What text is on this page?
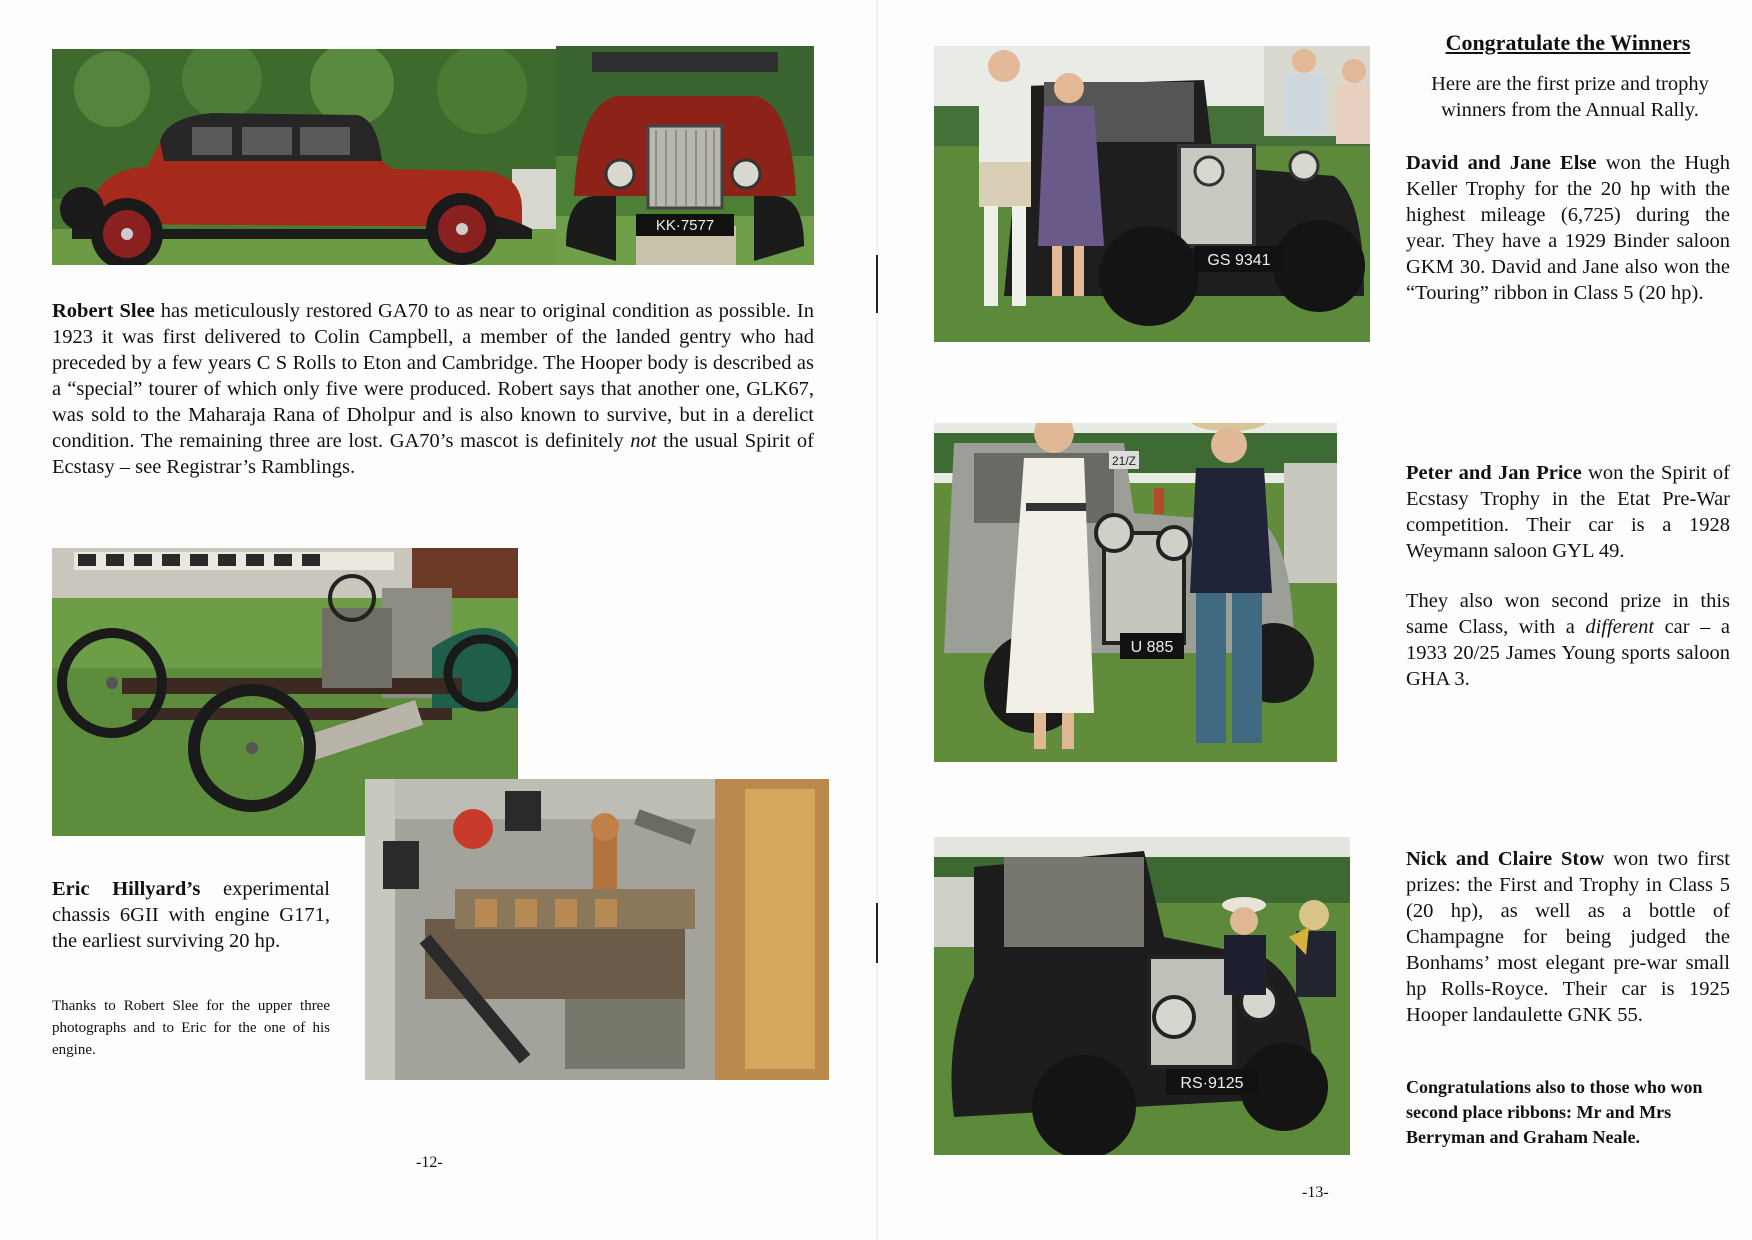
KK·7577
Robert Slee has meticulously restored GA70 to as near to original condition as possible. In 1923 it was first delivered to Colin Campbell, a member of the landed gentry who had preceded by a few years C S Rolls to Eton and Cambridge. The Hooper body is described as a “special” tourer of which only five were produced. Robert says that another one, GLK67, was sold to the Maharaja Rana of Dholpur and is also known to survive, but in a derelict condition. The remaining three are lost. GA70’s mascot is definitely not the usual Spirit of Ecstasy – see Registrar’s Ramblings.
Eric Hillyard’s experimental chassis 6GII with engine G171, the earliest surviving 20 hp.
Thanks to Robert Slee for the upper three photographs and to Eric for the one of his engine.
-12-
GS 9341
21/Z
U 885
RS·9125
Congratulate the Winners
Here are the first prize and trophy winners from the Annual Rally.
David and Jane Else won the Hugh Keller Trophy for the 20 hp with the highest mileage (6,725) during the year. They have a 1929 Binder saloon GKM 30. David and Jane also won the “Touring” ribbon in Class 5 (20 hp).
Peter and Jan Price won the Spirit of Ecstasy Trophy in the Etat Pre-War competition. Their car is a 1928 Weymann saloon GYL 49.
They also won second prize in this same Class, with a different car – a 1933 20/25 James Young sports saloon GHA 3.
Nick and Claire Stow won two first prizes: the First and Trophy in Class 5 (20 hp), as well as a bottle of Champagne for being judged the Bonhams’ most elegant pre-war small hp Rolls-Royce. Their car is 1925 Hooper landaulette GNK 55.
Congratulations also to those who won second place ribbons: Mr and Mrs Berryman and Graham Neale.
-13-
